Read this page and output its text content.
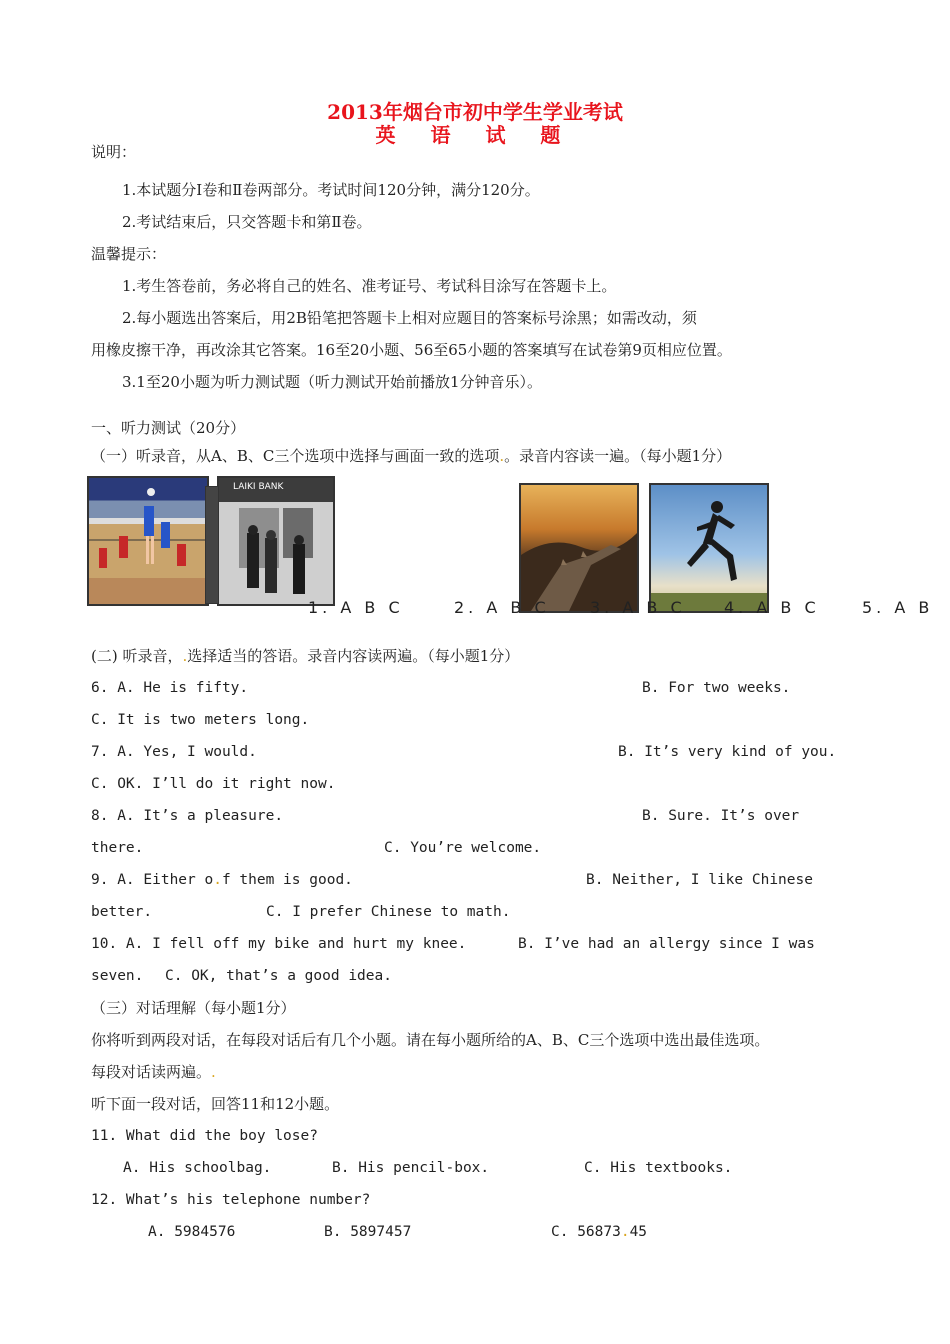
2013年烟台市初中学生学业考试
英 语 试 题
说明：
1.本试题分Ⅰ卷和Ⅱ卷两部分。考试时间120分钟，满分120分。
2.考试结束后，只交答题卡和第Ⅱ卷。
温馨提示：
1.考生答卷前，务必将自己的姓名、准考证号、考试科目涂写在答题卡上。
2.每小题选出答案后，用2B铅笔把答题卡上相对应题目的答案标号涂黑；如需改动，须
用橡皮擦干净，再改涂其它答案。16至20小题、56至65小题的答案填写在试卷第9页相应位置。
3.1至20小题为听力测试题（听力测试开始前播放1分钟音乐）。
一、听力测试（20分）
（一）听录音，从A、B、C三个选项中选择与画面一致的选项.。录音内容读一遍。（每小题1分）
LAIKI BANK
1. A B C	2. A B C	3. A B C 4. A B C	5. A B
(二) 听录音，.选择适当的答语。录音内容读两遍。（每小题1分）
6. A. He is fifty.	B. For two weeks.
C. It is two meters long.
7. A. Yes, I would.	B. It’s very kind of you.
C. OK. I’ll do it right now.
8. A. It’s a pleasure.	B. Sure. It’s over
there.	C. You’re welcome.
9. A. Either o.f them is good.	B. Neither, I like Chinese
better.	C. I prefer Chinese to math.
10. A. I fell off my bike and hurt my knee.	B. I’ve had an allergy since I was
seven. C. OK, that’s a good idea.
（三）对话理解（每小题1分）
你将听到两段对话，在每段对话后有几个小题。请在每小题所给的A、B、C三个选项中选出最佳选项。
每段对话读两遍。.
听下面一段对话，回答11和12小题。
11. What did the boy lose?
A. His schoolbag.	B. His pencil-box.	C. His textbooks.
12. What’s his telephone number?
A. 5984576	B. 5897457	C. 56873.45
